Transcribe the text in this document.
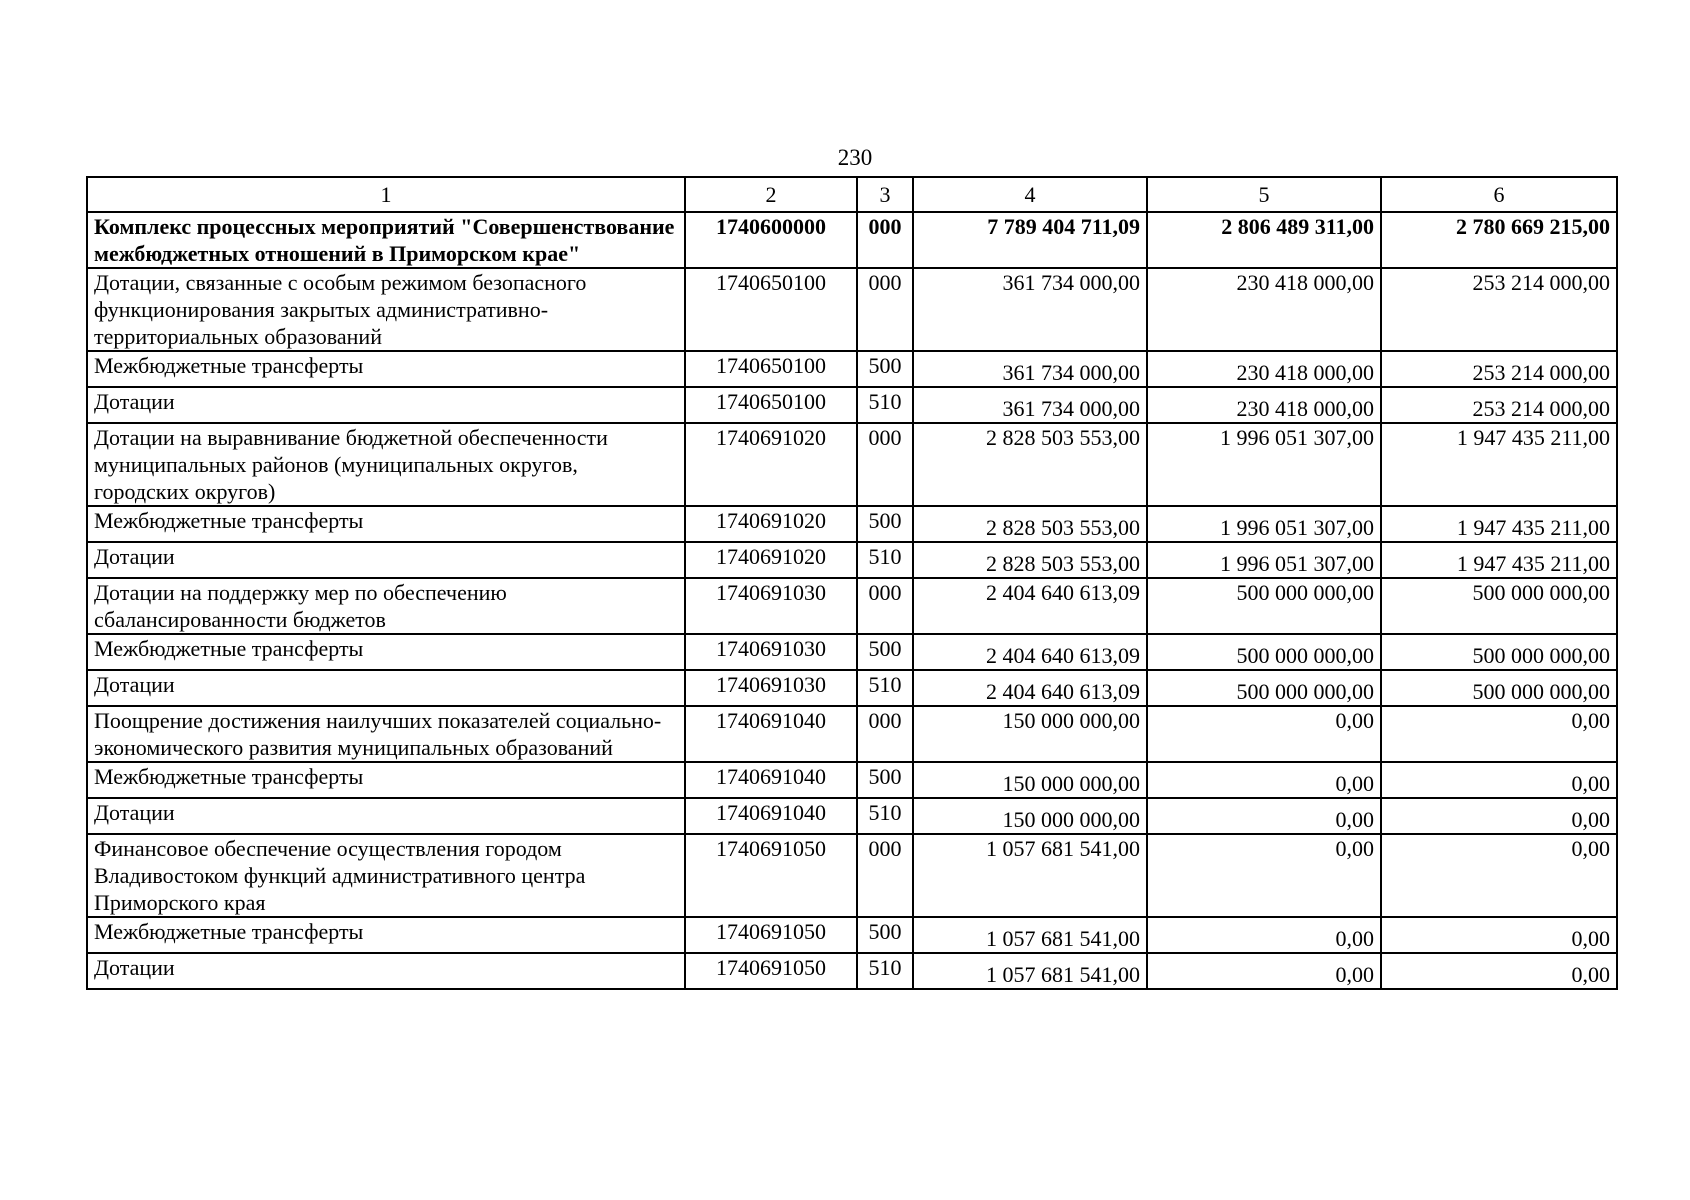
230
1	2	3	4	5	6
Комплекс процессных мероприятий "Совершенствование межбюджетных отношений в Приморском крае"	1740600000	000	7 789 404 711,09	2 806 489 311,00	2 780 669 215,00
Дотации, связанные с особым режимом безопасного функционирования закрытых административно-территориальных образований	1740650100	000	361 734 000,00	230 418 000,00	253 214 000,00
Межбюджетные трансферты	1740650100	500	361 734 000,00	230 418 000,00	253 214 000,00
Дотации	1740650100	510	361 734 000,00	230 418 000,00	253 214 000,00
Дотации на выравнивание бюджетной обеспеченности муниципальных районов (муниципальных округов, городских округов)	1740691020	000	2 828 503 553,00	1 996 051 307,00	1 947 435 211,00
Межбюджетные трансферты	1740691020	500	2 828 503 553,00	1 996 051 307,00	1 947 435 211,00
Дотации	1740691020	510	2 828 503 553,00	1 996 051 307,00	1 947 435 211,00
Дотации на поддержку мер по обеспечению сбалансированности бюджетов	1740691030	000	2 404 640 613,09	500 000 000,00	500 000 000,00
Межбюджетные трансферты	1740691030	500	2 404 640 613,09	500 000 000,00	500 000 000,00
Дотации	1740691030	510	2 404 640 613,09	500 000 000,00	500 000 000,00
Поощрение достижения наилучших показателей социально-экономического развития муниципальных образований	1740691040	000	150 000 000,00	0,00	0,00
Межбюджетные трансферты	1740691040	500	150 000 000,00	0,00	0,00
Дотации	1740691040	510	150 000 000,00	0,00	0,00
Финансовое обеспечение осуществления городом Владивостоком функций административного центра Приморского края	1740691050	000	1 057 681 541,00	0,00	0,00
Межбюджетные трансферты	1740691050	500	1 057 681 541,00	0,00	0,00
Дотации	1740691050	510	1 057 681 541,00	0,00	0,00
